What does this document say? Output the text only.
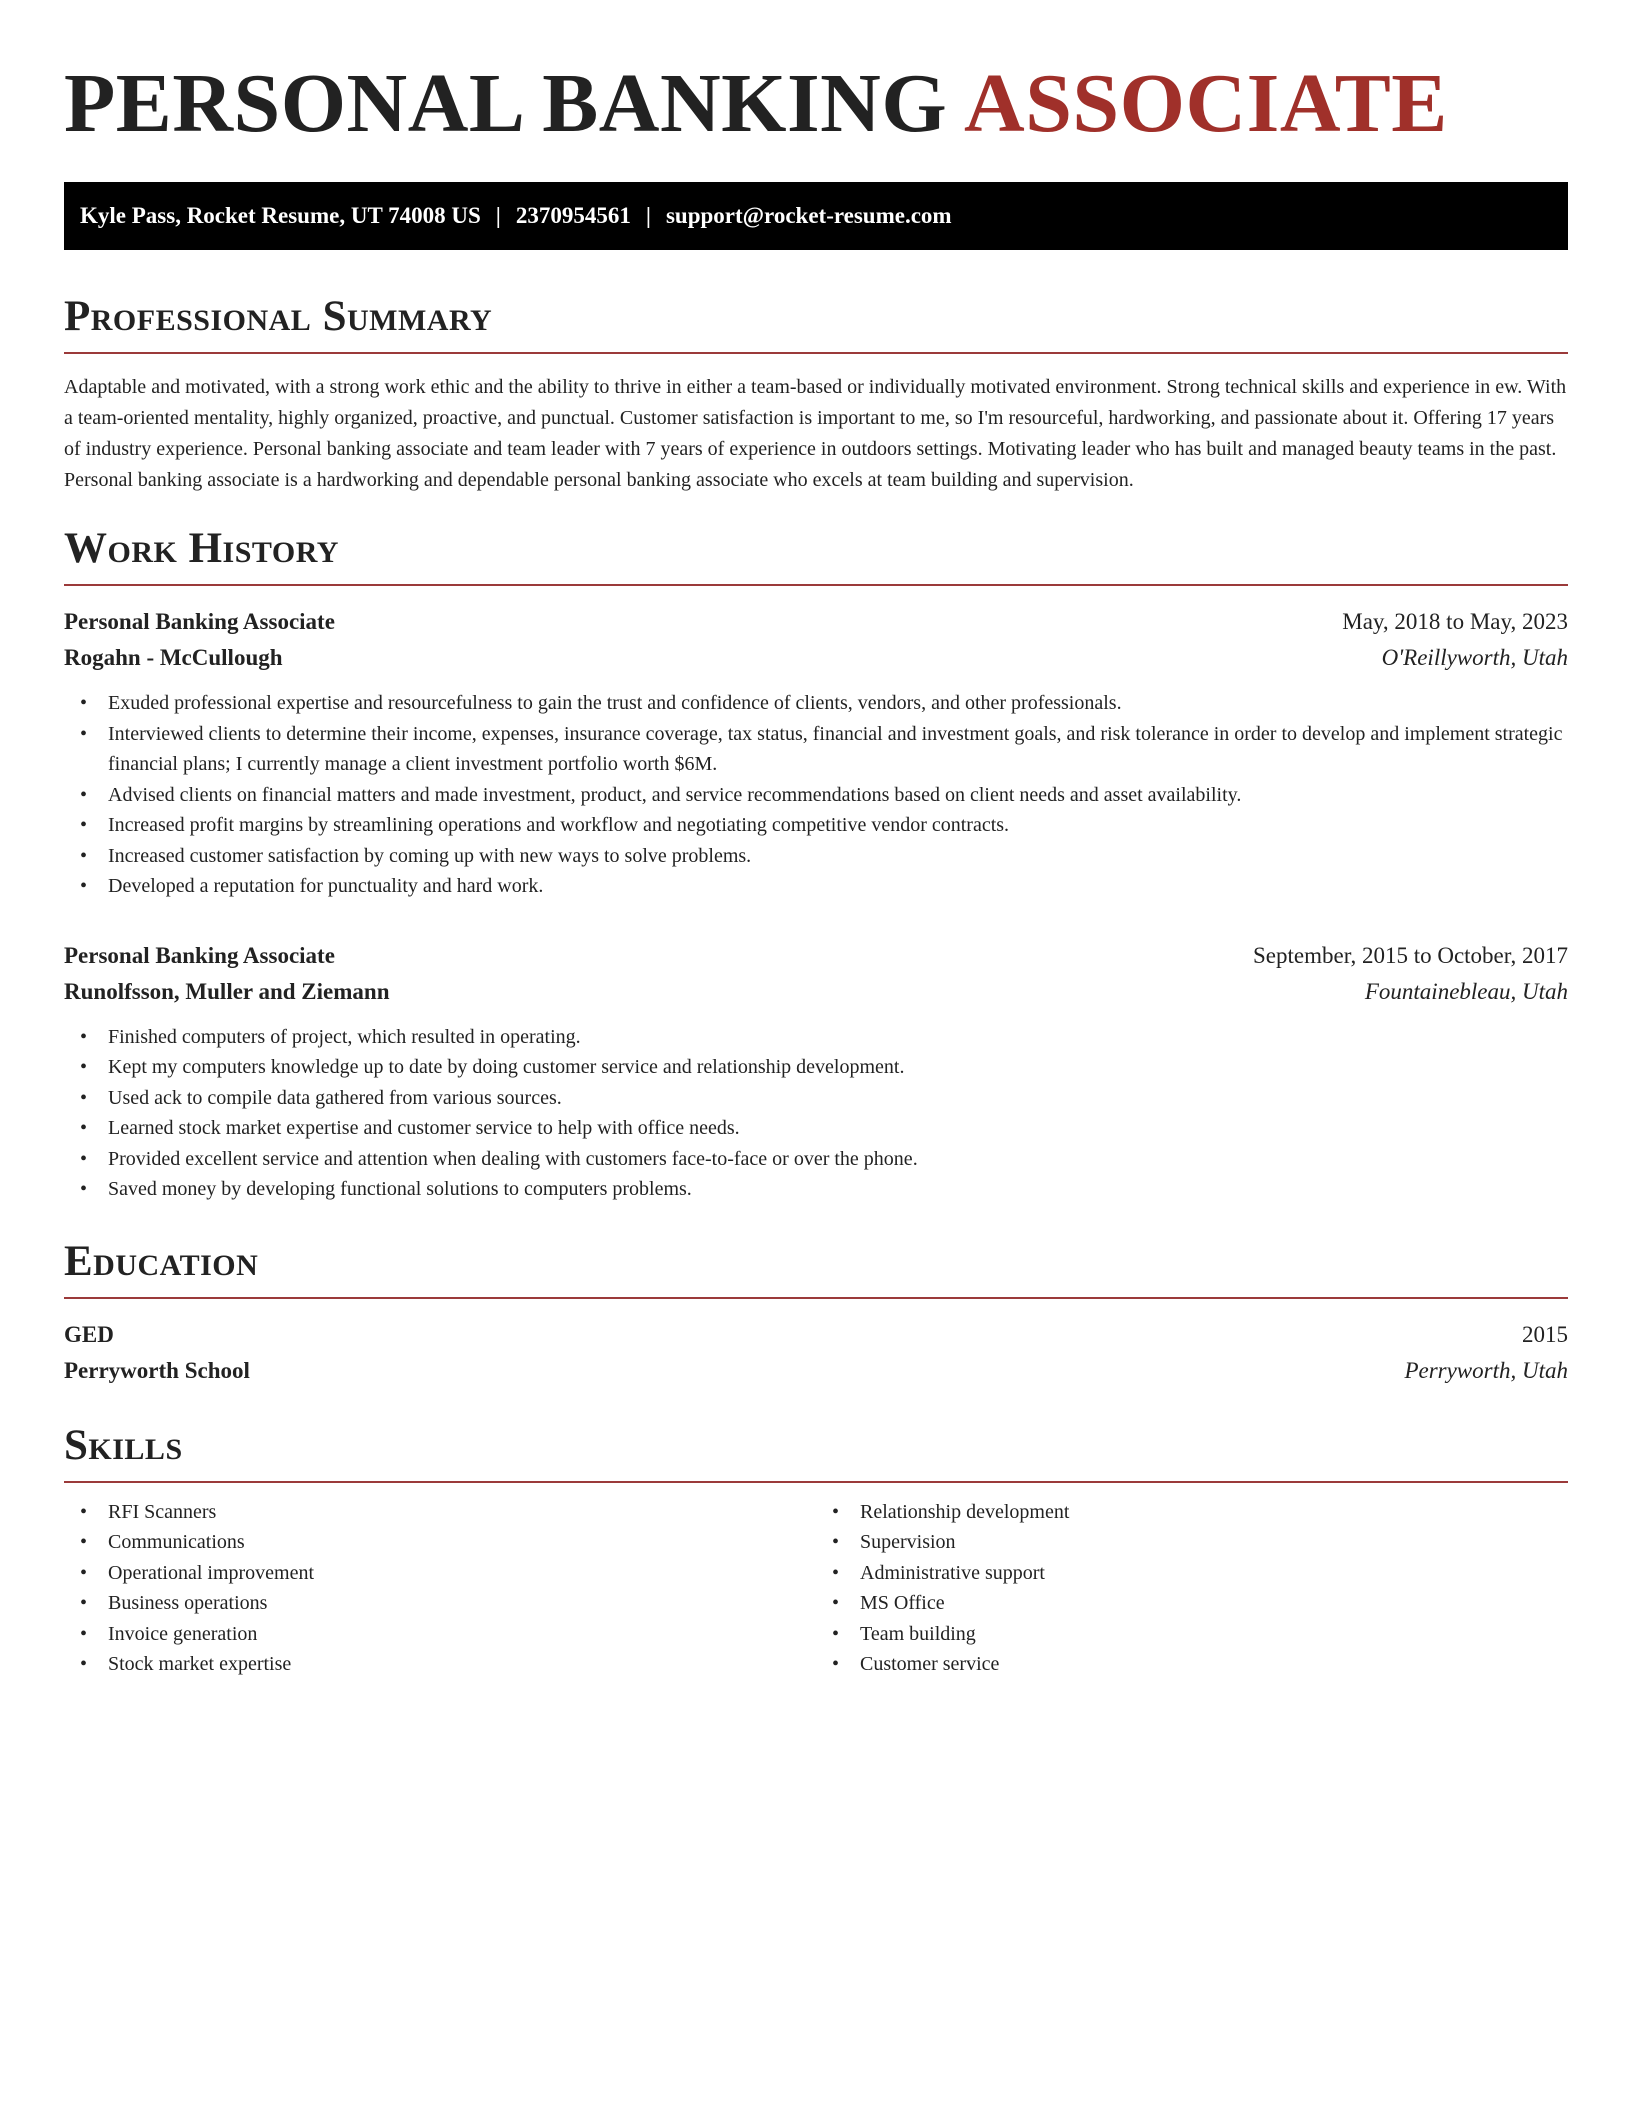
PERSONAL BANKING ASSOCIATE
Kyle Pass, Rocket Resume, UT 74008 US | 2370954561 | support@rocket-resume.com
Professional Summary

Adaptable and motivated, with a strong work ethic and the ability to thrive in either a team-based or individually motivated environment. Strong technical skills and experience in ew. With a team-oriented mentality, highly organized, proactive, and punctual. Customer satisfaction is important to me, so I'm resourceful, hardworking, and passionate about it. Offering 17 years of industry experience. Personal banking associate and team leader with 7 years of experience in outdoors settings. Motivating leader who has built and managed beauty teams in the past. Personal banking associate is a hardworking and dependable personal banking associate who excels at team building and supervision.

Work History
Personal Banking Associate	May, 2018 to May, 2023
Rogahn - McCullough	O'Reillyworth, Utah
• Exuded professional expertise and resourcefulness to gain the trust and confidence of clients, vendors, and other professionals.
• Interviewed clients to determine their income, expenses, insurance coverage, tax status, financial and investment goals, and risk tolerance in order to develop and implement strategic financial plans; I currently manage a client investment portfolio worth $6M.
• Advised clients on financial matters and made investment, product, and service recommendations based on client needs and asset availability.
• Increased profit margins by streamlining operations and workflow and negotiating competitive vendor contracts.
• Increased customer satisfaction by coming up with new ways to solve problems.
• Developed a reputation for punctuality and hard work.
Personal Banking Associate	September, 2015 to October, 2017
Runolfsson, Muller and Ziemann	Fountainebleau, Utah
• Finished computers of project, which resulted in operating.
• Kept my computers knowledge up to date by doing customer service and relationship development.
• Used ack to compile data gathered from various sources.
• Learned stock market expertise and customer service to help with office needs.
• Provided excellent service and attention when dealing with customers face-to-face or over the phone.
• Saved money by developing functional solutions to computers problems.
Education
GED	2015
Perryworth School	Perryworth, Utah
Skills
• RFI Scanners
• Communications
• Operational improvement
• Business operations
• Invoice generation
• Stock market expertise
• Relationship development
• Supervision
• Administrative support
• MS Office
• Team building
• Customer service
